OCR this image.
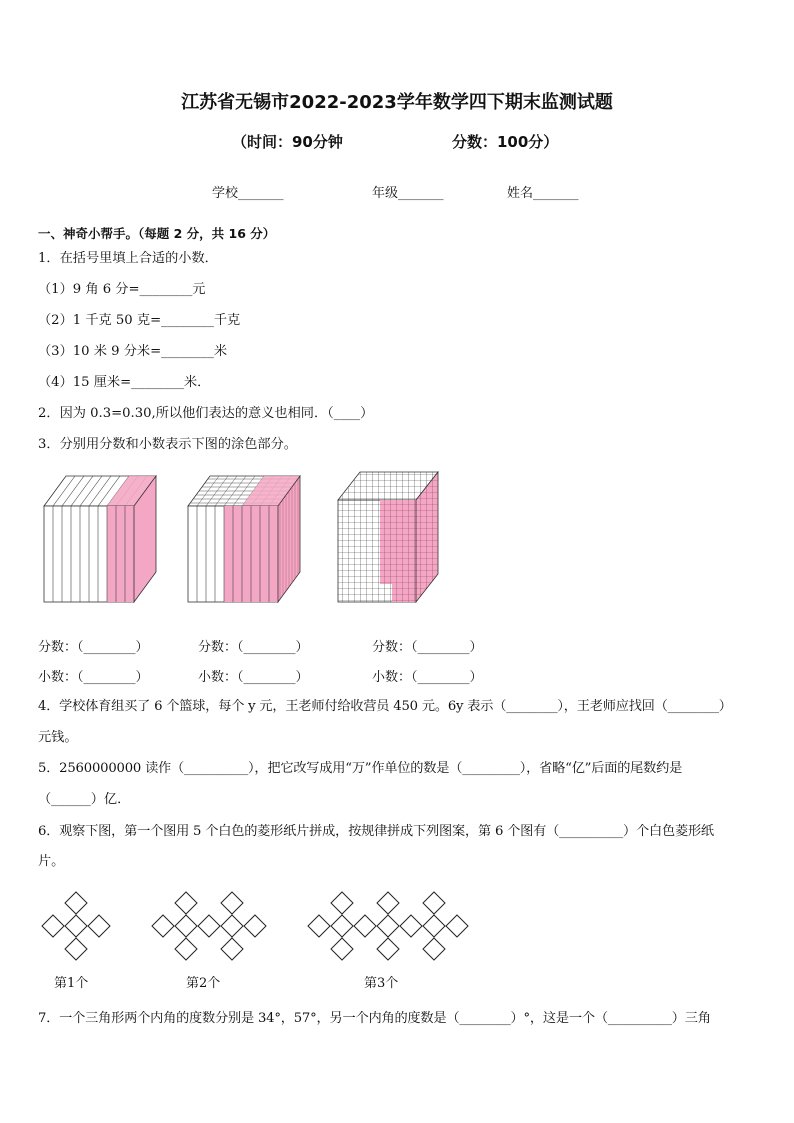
江苏省无锡市2022-2023学年数学四下期末监测试题
（时间：90分钟	分数：100分）
学校_______	年级_______	姓名_______
一、神奇小帮手。（每题 2 分，共 16 分）
1．在括号里填上合适的小数．
（1）9 角 6 分=________元
（2）1 千克 50 克=________千克
（3）10 米 9 分米=________米
（4）15 厘米=________米．
2．因为 0.3=0.30,所以他们表达的意义也相同．（____）
3．分别用分数和小数表示下图的涂色部分。
分数：（________）	分数：（________）	分数：（________）
小数：（________）	小数：（________）	小数：（________）
4．学校体育组买了 6 个篮球，每个 y 元，王老师付给收营员 450 元。6y 表示（________），王老师应找回（________）
元钱。
5．2560000000 读作（__________），把它改写成用“万”作单位的数是（_________），省略“亿”后面的尾数约是
（______）亿．
6．观察下图，第一个图用 5 个白色的菱形纸片拼成，按规律拼成下列图案，第 6 个图有（__________）个白色菱形纸
片。
第1个	第2个	第3个
7．一个三角形两个内角的度数分别是 34°，57°，另一个内角的度数是（________）°，这是一个（__________）三角
